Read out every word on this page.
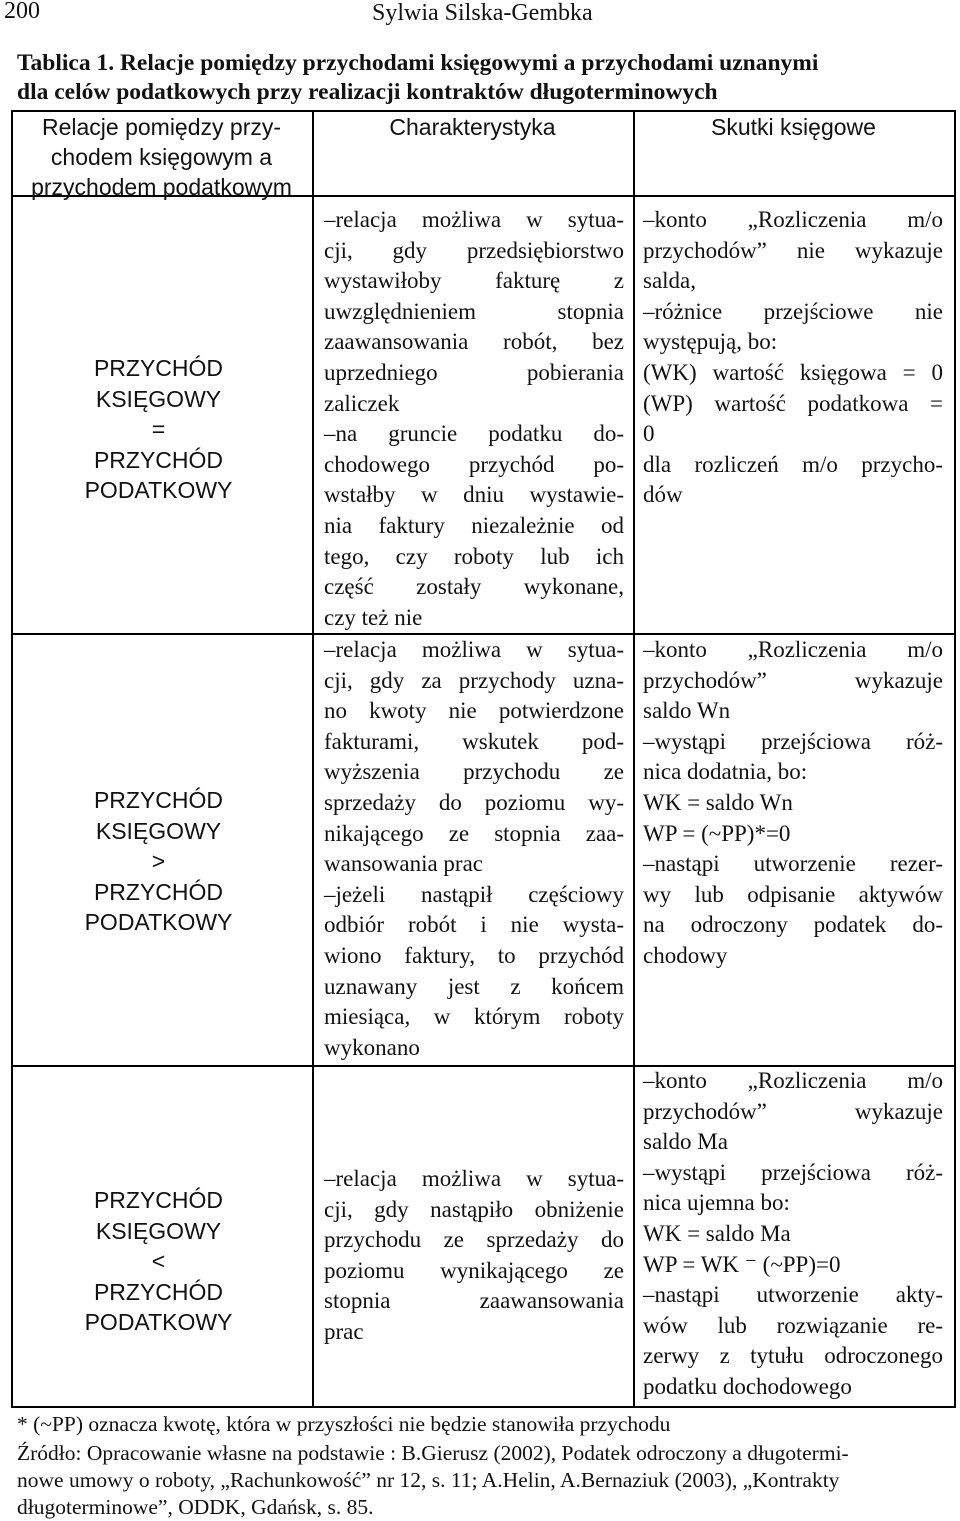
200	Sylwia Silska-Gembka
Tablica 1. Relacje pomiędzy przychodami księgowymi a przychodami uznanymi
dla celów podatkowych przy realizacji kontraktów długoterminowych
Relacje pomiędzy przy-
chodem księgowym a
przychodem podatkowym
Charakterystyka	Skutki księgowe
PRZYCHÓD
KSIĘGOWY
=
PRZYCHÓD
PODATKOWY
–relacja możliwa w sytua-
cji, gdy przedsiębiorstwo
wystawiłoby fakturę z
uwzględnieniem stopnia
zaawansowania robót, bez
uprzedniego pobierania
zaliczek
–na gruncie podatku do-
chodowego przychód po-
wstałby w dniu wystawie-
nia faktury niezależnie od
tego, czy roboty lub ich
część zostały wykonane,
czy też nie
–konto „Rozliczenia m/o
przychodów” nie wykazuje
salda,
–różnice przejściowe nie
występują, bo:
(WK) wartość księgowa = 0
(WP) wartość podatkowa =
0
dla rozliczeń m/o przycho-
dów
PRZYCHÓD
KSIĘGOWY
>
PRZYCHÓD
PODATKOWY
–relacja możliwa w sytua-
cji, gdy za przychody uzna-
no kwoty nie potwierdzone
fakturami, wskutek pod-
wyższenia przychodu ze
sprzedaży do poziomu wy-
nikającego ze stopnia zaa-
wansowania prac
–jeżeli nastąpił częściowy
odbiór robót i nie wysta-
wiono faktury, to przychód
uznawany jest z końcem
miesiąca, w którym roboty
wykonano
–konto „Rozliczenia m/o
przychodów” wykazuje
saldo Wn
–wystąpi przejściowa róż-
nica dodatnia, bo:
WK = saldo Wn
WP = (~PP)*=0
–nastąpi utworzenie rezer-
wy lub odpisanie aktywów
na odroczony podatek do-
chodowy
PRZYCHÓD
KSIĘGOWY
<
PRZYCHÓD
PODATKOWY
–relacja możliwa w sytua-
cji, gdy nastąpiło obniżenie
przychodu ze sprzedaży do
poziomu wynikającego ze
stopnia zaawansowania
prac
–konto „Rozliczenia m/o
przychodów” wykazuje
saldo Ma
–wystąpi przejściowa róż-
nica ujemna bo:
WK = saldo Ma
WP = WK ⁻ (~PP)=0
–nastąpi utworzenie akty-
wów lub rozwiązanie re-
zerwy z tytułu odroczonego
podatku dochodowego
* (~PP) oznacza kwotę, która w przyszłości nie będzie stanowiła przychodu
Źródło: Opracowanie własne na podstawie : B.Gierusz (2002), Podatek odroczony a długotermi-
nowe umowy o roboty, „Rachunkowość” nr 12, s. 11; A.Helin, A.Bernaziuk (2003), „Kontrakty
długoterminowe”, ODDK, Gdańsk, s. 85.
